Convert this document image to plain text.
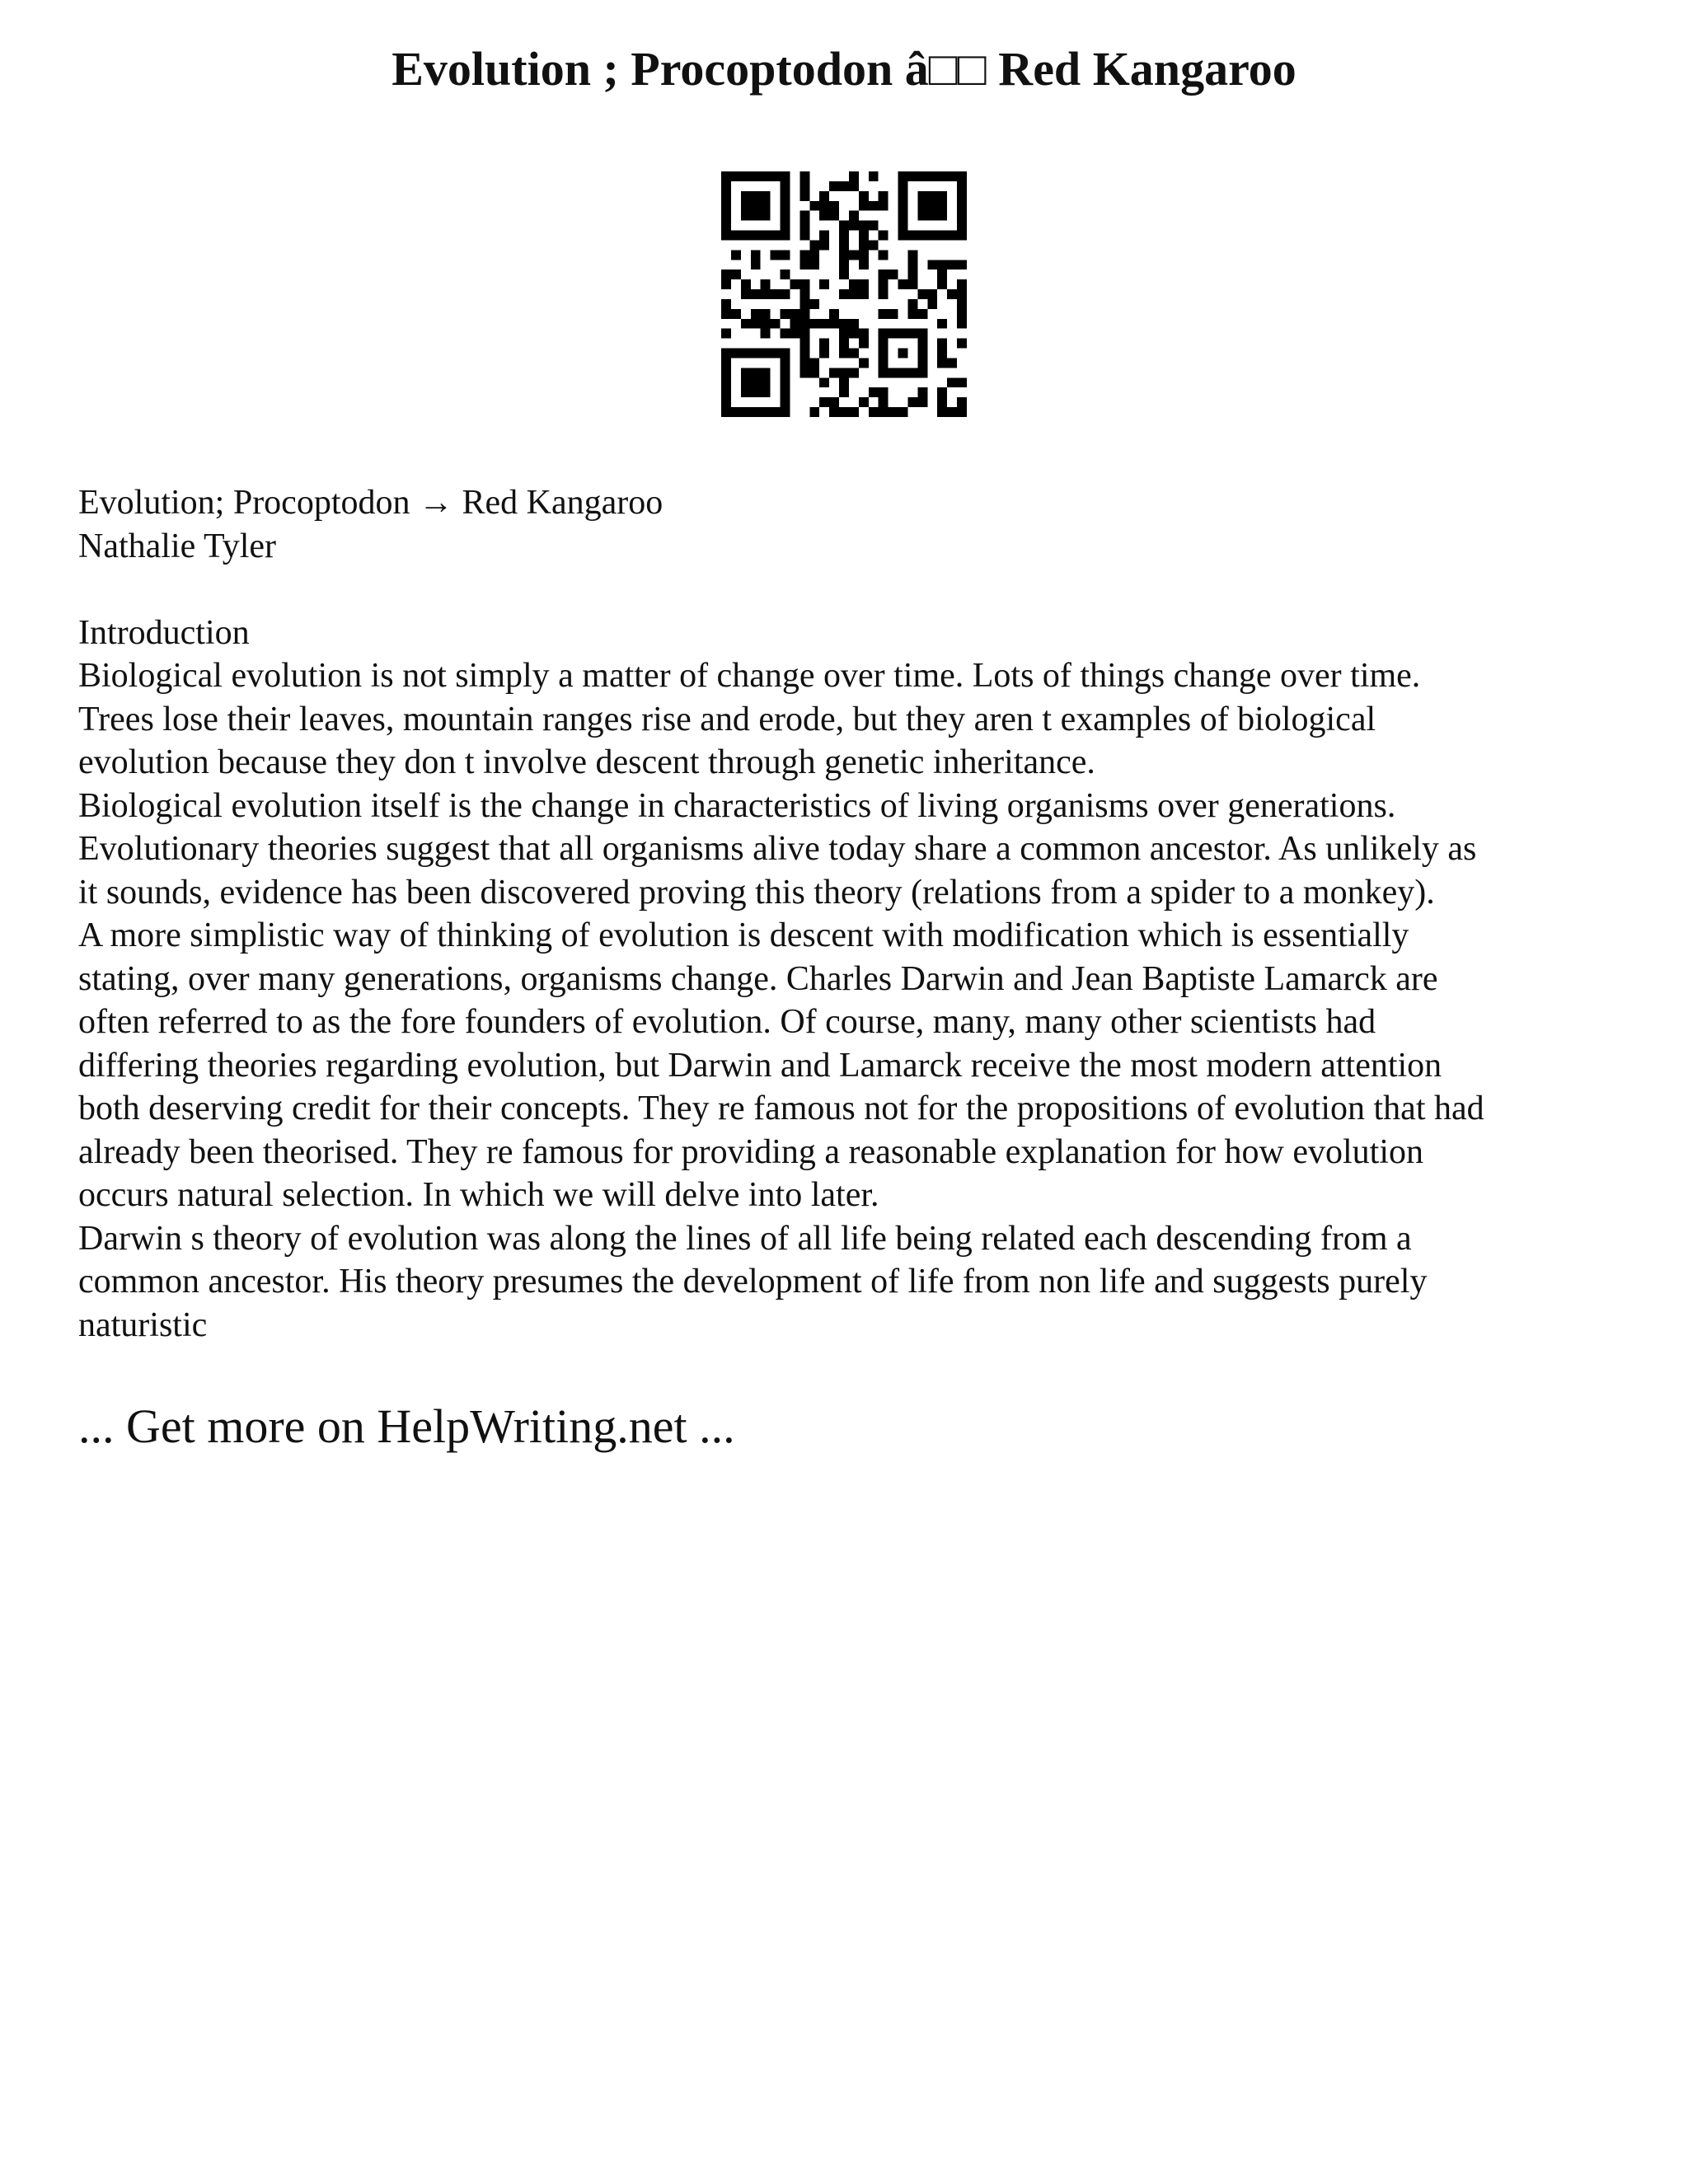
Evolution ; Procoptodon â□□ Red Kangaroo
Evolution; Procoptodon → Red Kangaroo
Nathalie Tyler
Introduction
Biological evolution is not simply a matter of change over time. Lots of things change over time.
Trees lose their leaves, mountain ranges rise and erode, but they aren t examples of biological
evolution because they don t involve descent through genetic inheritance.
Biological evolution itself is the change in characteristics of living organisms over generations.
Evolutionary theories suggest that all organisms alive today share a common ancestor. As unlikely as
it sounds, evidence has been discovered proving this theory (relations from a spider to a monkey).
A more simplistic way of thinking of evolution is descent with modification which is essentially
stating, over many generations, organisms change. Charles Darwin and Jean Baptiste Lamarck are
often referred to as the fore founders of evolution. Of course, many, many other scientists had
differing theories regarding evolution, but Darwin and Lamarck receive the most modern attention
both deserving credit for their concepts. They re famous not for the propositions of evolution that had
already been theorised. They re famous for providing a reasonable explanation for how evolution
occurs natural selection. In which we will delve into later.
Darwin s theory of evolution was along the lines of all life being related each descending from a
common ancestor. His theory presumes the development of life from non life and suggests purely
naturistic
... Get more on HelpWriting.net ...
